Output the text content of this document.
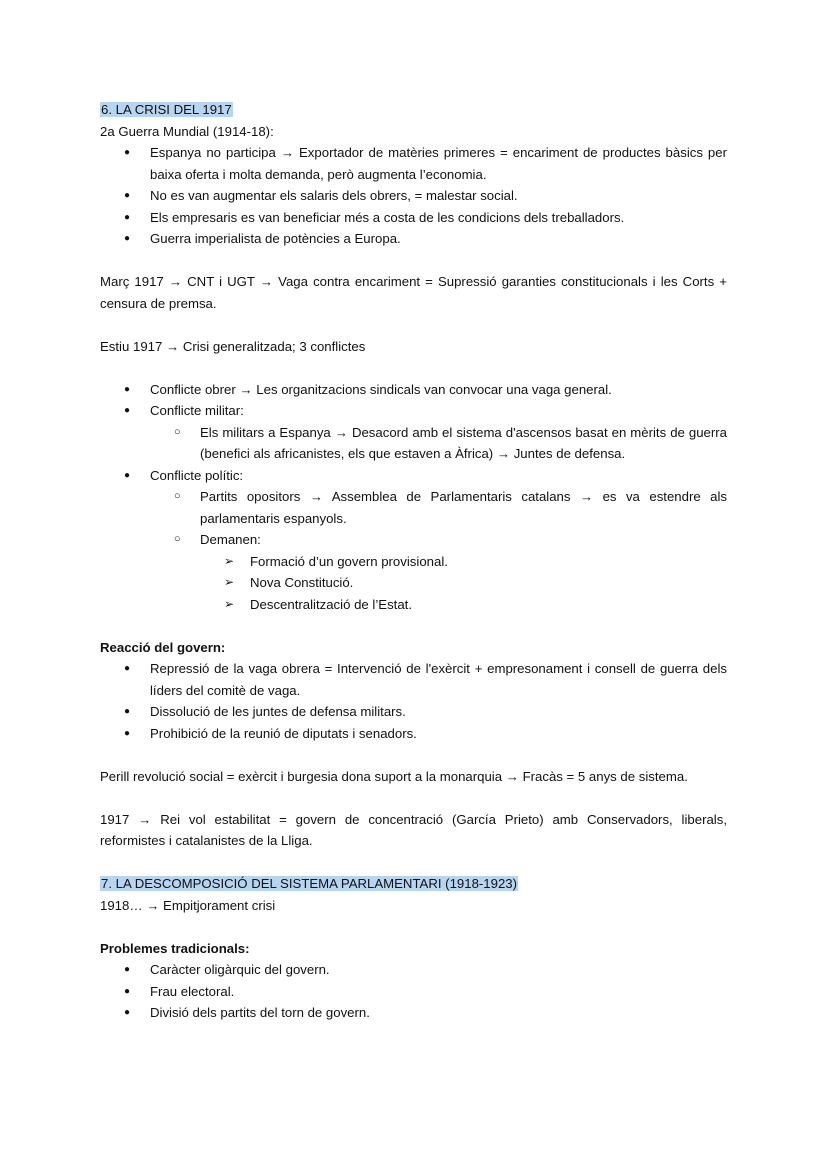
6. LA CRISI DEL 1917

2a Guerra Mundial (1914-18):

● Espanya no participa → Exportador de matèries primeres = encariment de productes bàsics per baixa oferta i molta demanda, però augmenta l’economia.
● No es van augmentar els salaris dels obrers, = malestar social.
● Els empresaris es van beneficiar més a costa de les condicions dels treballadors.
● Guerra imperialista de potències a Europa.

Març 1917 → CNT i UGT → Vaga contra encariment = Supressió garanties constitucionals i les Corts + censura de premsa.

Estiu 1917 → Crisi generalitzada; 3 conflictes

● Conflicte obrer → Les organitzacions sindicals van convocar una vaga general.
● Conflicte militar:
○ Els militars a Espanya → Desacord amb el sistema d'ascensos basat en mèrits de guerra (benefici als africanistes, els que estaven a Àfrica) → Juntes de defensa.
● Conflicte polític:
○ Partits opositors → Assemblea de Parlamentaris catalans → es va estendre als parlamentaris espanyols.
○ Demanen:
➢ Formació d’un govern provisional.
➢ Nova Constitució.
➢ Descentralització de l’Estat.

Reacció del govern:

● Repressió de la vaga obrera = Intervenció de l'exèrcit + empresonament i consell de guerra dels líders del comitè de vaga.
● Dissolució de les juntes de defensa militars.
● Prohibició de la reunió de diputats i senadors.

Perill revolució social = exèrcit i burgesia dona suport a la monarquia → Fracàs = 5 anys de sistema.

1917 → Rei vol estabilitat = govern de concentració (García Prieto) amb Conservadors, liberals, reformistes i catalanistes de la Lliga.

7. LA DESCOMPOSICIÓ DEL SISTEMA PARLAMENTARI (1918-1923)

1918… → Empitjorament crisi

Problemes tradicionals:

● Caràcter oligàrquic del govern.
● Frau electoral.
● Divisió dels partits del torn de govern.
